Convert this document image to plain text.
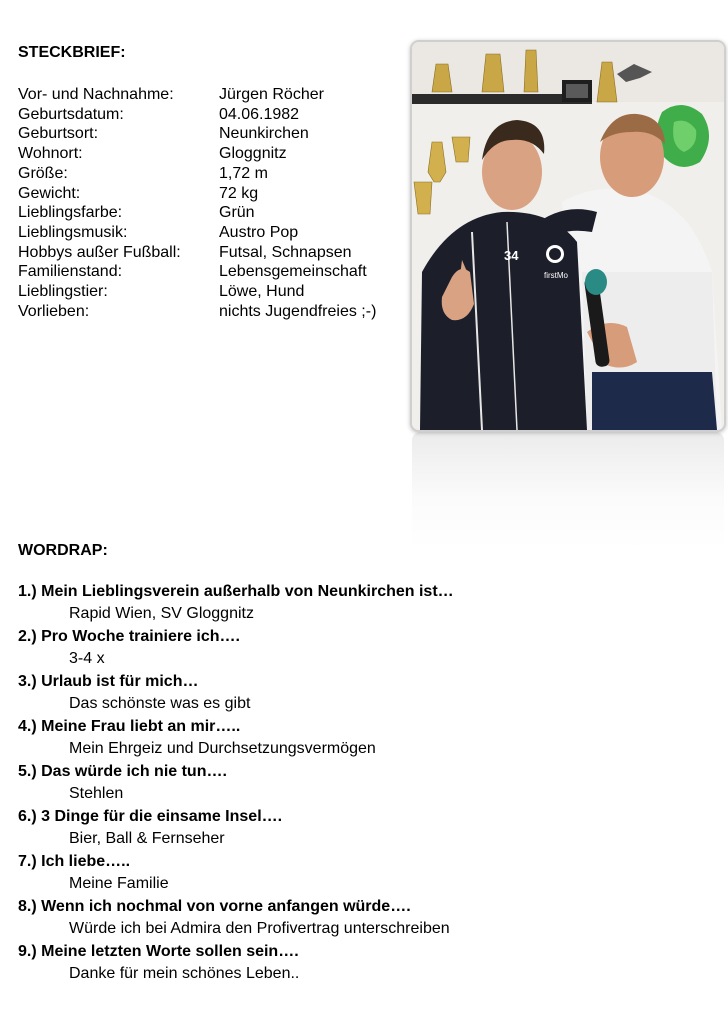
STECKBRIEF:
Vor- und Nachnahme:	Jürgen Röcher
Geburtsdatum:	04.06.1982
Geburtsort:	Neunkirchen
Wohnort:	Gloggnitz
Größe:	1,72 m
Gewicht:	72 kg
Lieblingsfarbe:	Grün
Lieblingsmusik:	Austro Pop
Hobbys außer Fußball:	Futsal, Schnapsen
Familienstand:	Lebensgemeinschaft
Lieblingstier:	Löwe, Hund
Vorlieben:	nichts Jugendfreies ;-)
34
firstMo
WORDRAP:
1.) Mein Lieblingsverein außerhalb von Neunkirchen ist…
Rapid Wien, SV Gloggnitz
2.) Pro Woche trainiere ich….
3-4 x
3.) Urlaub ist für mich…
Das schönste was es gibt
4.) Meine Frau liebt an mir…..
Mein Ehrgeiz und Durchsetzungsvermögen
5.) Das würde ich nie tun….
Stehlen
6.) 3 Dinge für die einsame Insel….
Bier, Ball & Fernseher
7.) Ich liebe…..
Meine Familie
8.) Wenn ich nochmal von vorne anfangen würde….
Würde ich bei Admira den Profivertrag unterschreiben
9.) Meine letzten Worte sollen sein….
Danke für mein schönes Leben..
